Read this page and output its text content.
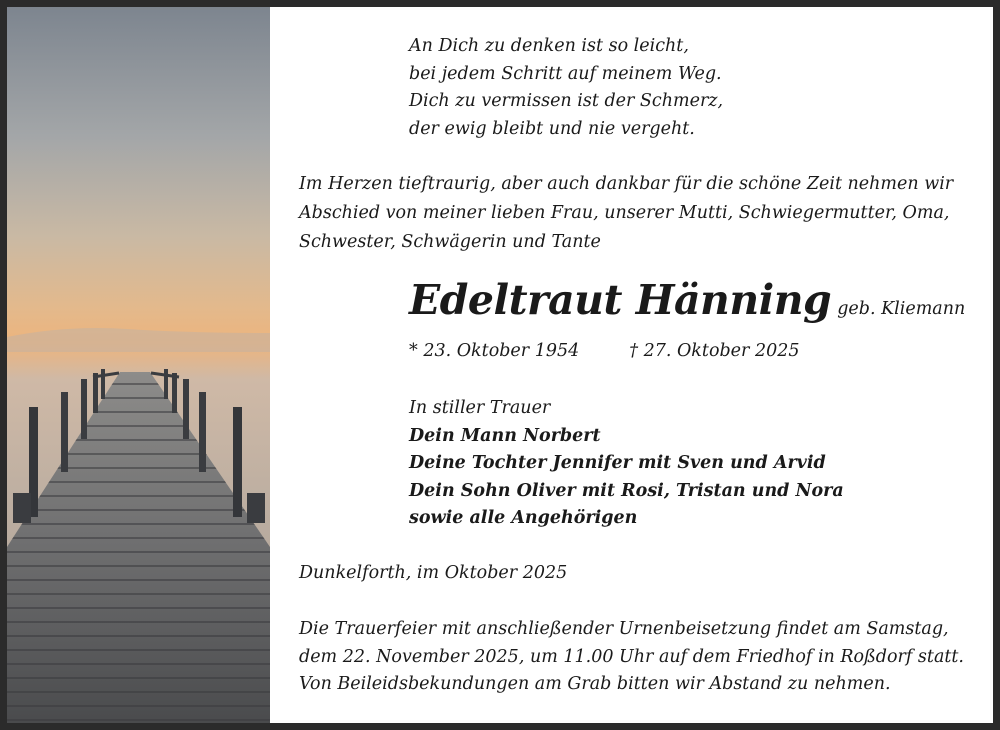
An Dich zu denken ist so leicht,
bei jedem Schritt auf meinem Weg.
Dich zu vermissen ist der Schmerz,
der ewig bleibt und nie vergeht.
Im Herzen tieftraurig, aber auch dankbar für die schöne Zeit nehmen wir
Abschied von meiner lieben Frau, unserer Mutti, Schwiegermutter, Oma,
Schwester, Schwägerin und Tante
Edeltraut Hänning geb. Kliemann
* 23. Oktober 1954	† 27. Oktober 2025
In stiller Trauer
Dein Mann Norbert
Deine Tochter Jennifer mit Sven und Arvid
Dein Sohn Oliver mit Rosi, Tristan und Nora
sowie alle Angehörigen
Dunkelforth, im Oktober 2025
Die Trauerfeier mit anschließender Urnenbeisetzung findet am Samstag,
dem 22. November 2025, um 11.00 Uhr auf dem Friedhof in Roßdorf statt.
Von Beileidsbekundungen am Grab bitten wir Abstand zu nehmen.
